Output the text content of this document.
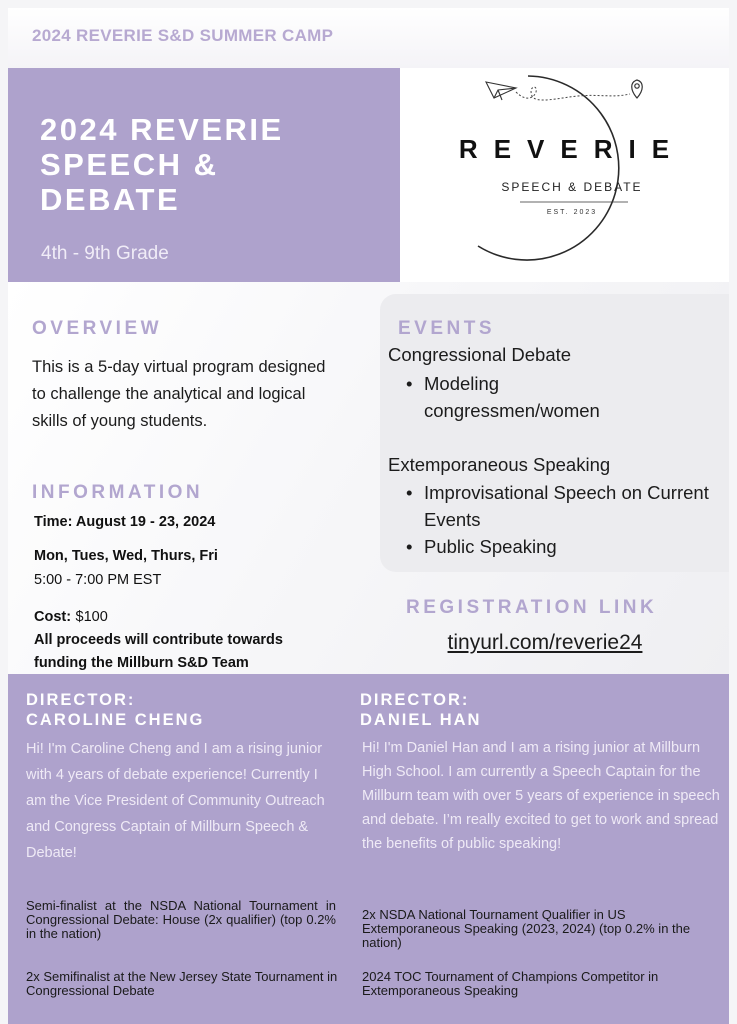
2024 REVERIE S&D SUMMER CAMP
2024 REVERIE
SPEECH &
DEBATE
4th - 9th Grade
REVERIE
SPEECH & DEBATE
EST. 2023
OVERVIEW
This is a 5-day virtual program designed to challenge the analytical and logical skills of young students.
INFORMATION
Time: August 19 - 23, 2024
Mon, Tues, Wed, Thurs, Fri
5:00 - 7:00 PM EST
Cost: $100
All proceeds will contribute towards
funding the Millburn S&D Team
EVENTS
Congressional Debate
• Modeling congressmen/women
Extemporaneous Speaking
• Improvisational Speech on Current Events
• Public Speaking
REGISTRATION LINK
tinyurl.com/reverie24
DIRECTOR:
CAROLINE CHENG
Hi! I'm Caroline Cheng and I am a rising junior with 4 years of debate experience! Currently I am the Vice President of Community Outreach and Congress Captain of Millburn Speech & Debate!
Semi-finalist at the NSDA National Tournament in Congressional Debate: House (2x qualifier) (top 0.2% in the nation)
2x Semifinalist at the New Jersey State Tournament in Congressional Debate
DIRECTOR:
DANIEL HAN
Hi! I'm Daniel Han and I am a rising junior at Millburn High School. I am currently a Speech Captain for the Millburn team with over 5 years of experience in speech and debate. I’m really excited to get to work and spread the benefits of public speaking!
2x NSDA National Tournament Qualifier in US Extemporaneous Speaking (2023, 2024) (top 0.2% in the nation)
2024 TOC Tournament of Champions Competitor in Extemporaneous Speaking
